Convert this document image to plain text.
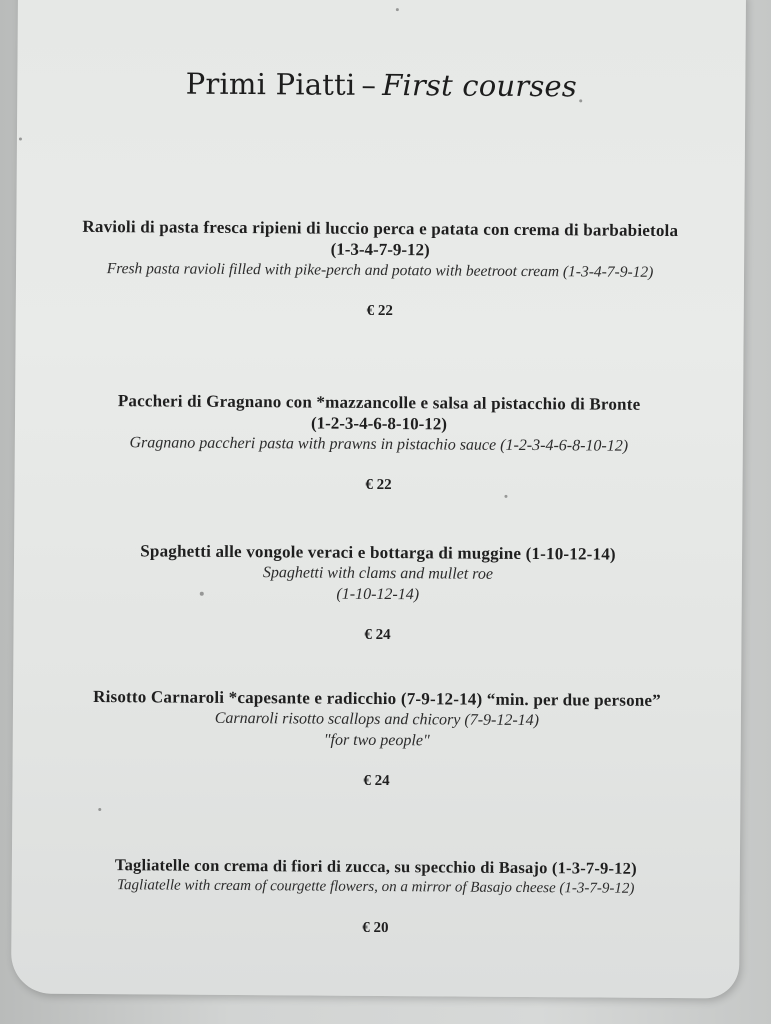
Primi Piatti – First courses
Ravioli di pasta fresca ripieni di luccio perca e patata con crema di barbabietola
(1-3-4-7-9-12)
Fresh pasta ravioli filled with pike-perch and potato with beetroot cream (1-3-4-7-9-12)
€ 22
Paccheri di Gragnano con *mazzancolle e salsa al pistacchio di Bronte
(1-2-3-4-6-8-10-12)
Gragnano paccheri pasta with prawns in pistachio sauce (1-2-3-4-6-8-10-12)
€ 22
Spaghetti alle vongole veraci e bottarga di muggine (1-10-12-14)
Spaghetti with clams and mullet roe
(1-10-12-14)
€ 24
Risotto Carnaroli *capesante e radicchio (7-9-12-14) “min. per due persone”
Carnaroli risotto scallops and chicory (7-9-12-14)
"for two people"
€ 24
Tagliatelle con crema di fiori di zucca, su specchio di Basajo (1-3-7-9-12)
Tagliatelle with cream of courgette flowers, on a mirror of Basajo cheese (1-3-7-9-12)
€ 20
